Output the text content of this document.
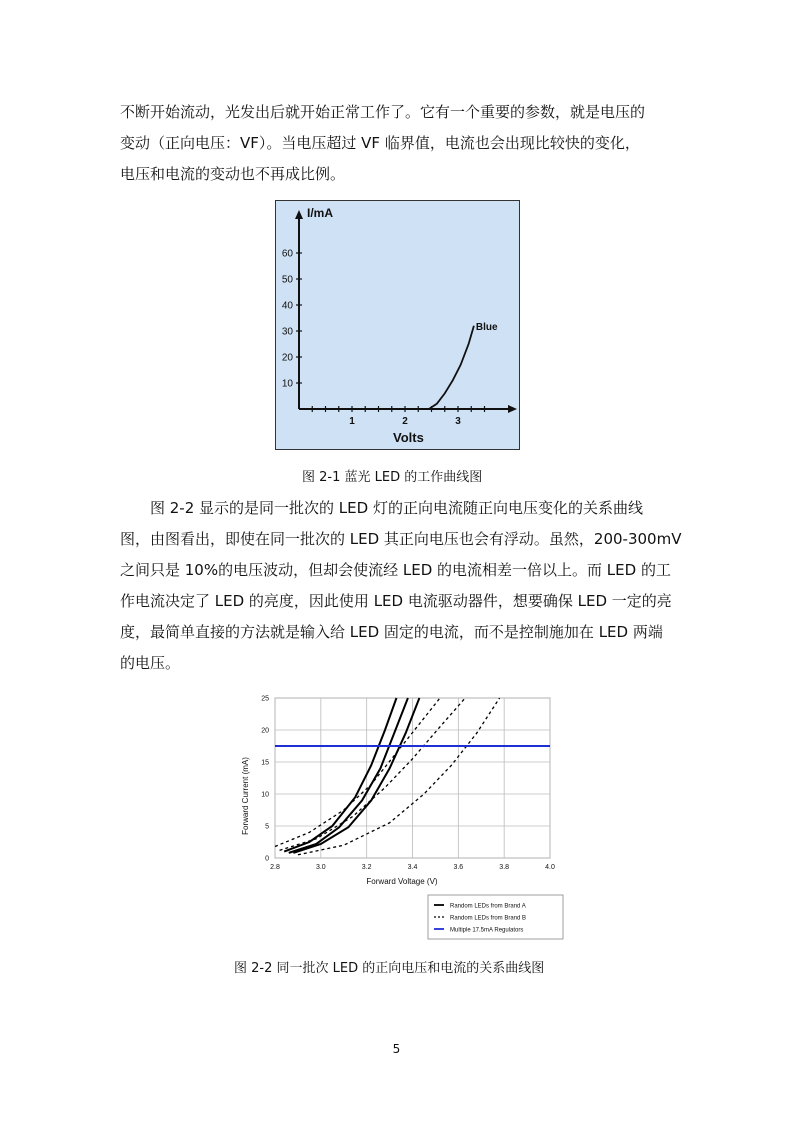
不断开始流动，光发出后就开始正常工作了。它有一个重要的参数，就是电压的
变动（正向电压：VF）。当电压超过 VF 临界值，电流也会出现比较快的变化，
电压和电流的变动也不再成比例。
1	2	3
10
20
30
40
50
60
Blue
I/mA
Volts
图 2-1 蓝光 LED 的工作曲线图
图 2-2 显示的是同一批次的 LED 灯的正向电流随正向电压变化的关系曲线
图，由图看出，即使在同一批次的 LED 其正向电压也会有浮动。虽然，200-300mV
之间只是 10%的电压波动，但却会使流经 LED 的电流相差一倍以上。而 LED 的工
作电流决定了 LED 的亮度，因此使用 LED 电流驱动器件，想要确保 LED 一定的亮
度，最简单直接的方法就是输入给 LED 固定的电流，而不是控制施加在 LED 两端
的电压。
2.8	3.0	3.2	3.4	3.6	3.8	4.0
0
5
10
15
20
25
Forward Voltage (V)
Forward Current (mA)
Random LEDs from Brand A
Random LEDs from Brand B
Multiple 17.5mA Regulators
图 2-2 同一批次 LED 的正向电压和电流的关系曲线图
5
